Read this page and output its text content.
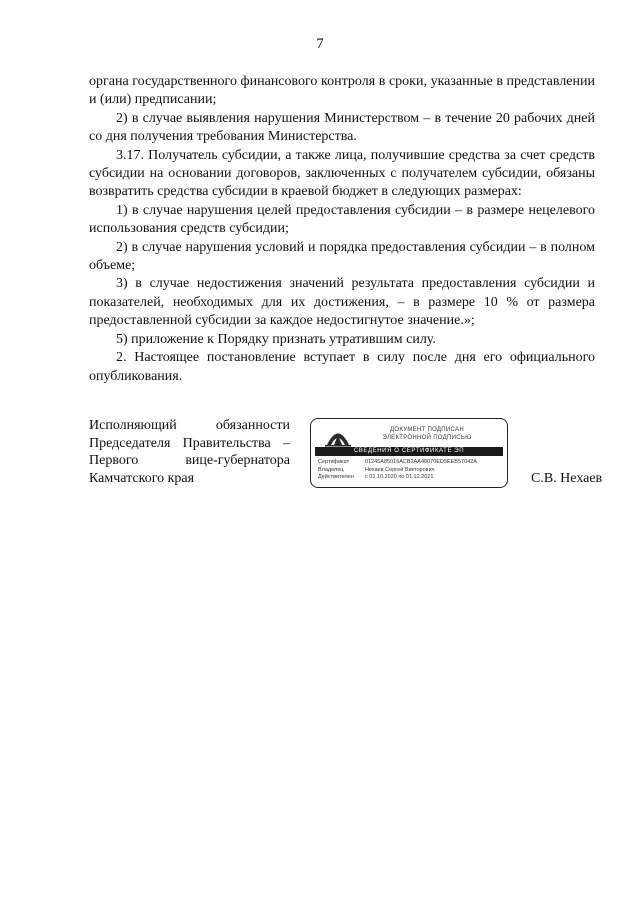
7

органа государственного финансового контроля в сроки, указанные в представлении и (или) предписании;

2) в случае выявления нарушения Министерством – в течение 20 рабочих дней со дня получения требования Министерства.

3.17. Получатель субсидии, а также лица, получившие средства за счет средств субсидии на основании договоров, заключенных с получателем субсидии, обязаны возвратить средства субсидии в краевой бюджет в следующих размерах:

1) в случае нарушения целей предоставления субсидии – в размере нецелевого использования средств субсидии;

2) в случае нарушения условий и порядка предоставления субсидии – в полном объеме;

3) в случае недостижения значений результата предоставления субсидии и показателей, необходимых для их достижения, – в размере 10 % от размера предоставленной субсидии за каждое недостигнутое значение.»;

5) приложение к Порядку признать утратившим силу.

2. Настоящее постановление вступает в силу после дня его официального опубликования.

Исполняющий обязанности
Председателя Правительства –
Первого вице-губернатора
Камчатского края
ДОКУМЕНТ ПОДПИСАН
ЭЛЕКТРОННОЙ ПОДПИСЬЮ
СВЕДЕНИЯ О СЕРТИФИКАТЕ ЭП
Сертификат	01245A85016ACB2AA48070ED5EEB57042A
Владелец	Нехаев Сергей Викторович
Действителен	с 01.10.2020 по 01.12.2021	С.В. Нехаев
